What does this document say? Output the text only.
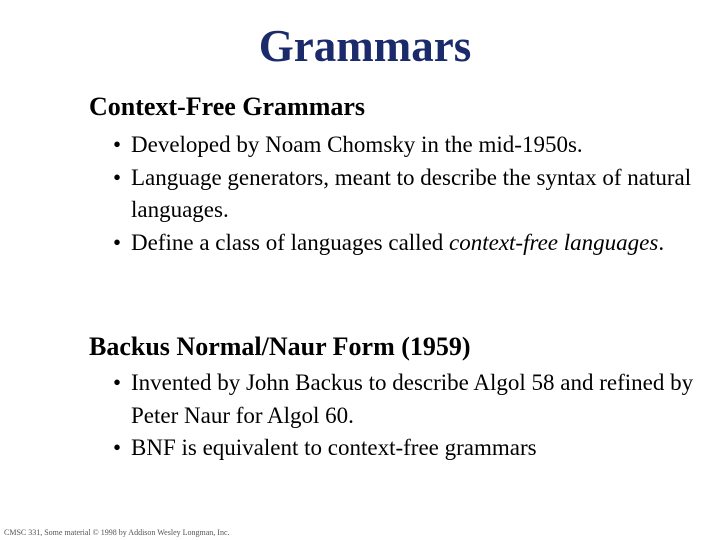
Grammars
Context-Free Grammars
• Developed by Noam Chomsky in the mid-1950s.
• Language generators, meant to describe the syntax of natural languages.
• Define a class of languages called context-free languages.
Backus Normal/Naur Form (1959)
• Invented by John Backus to describe Algol 58 and refined by Peter Naur for Algol 60.
• BNF is equivalent to context-free grammars
CMSC 331, Some material © 1998 by Addison Wesley Longman, Inc.
